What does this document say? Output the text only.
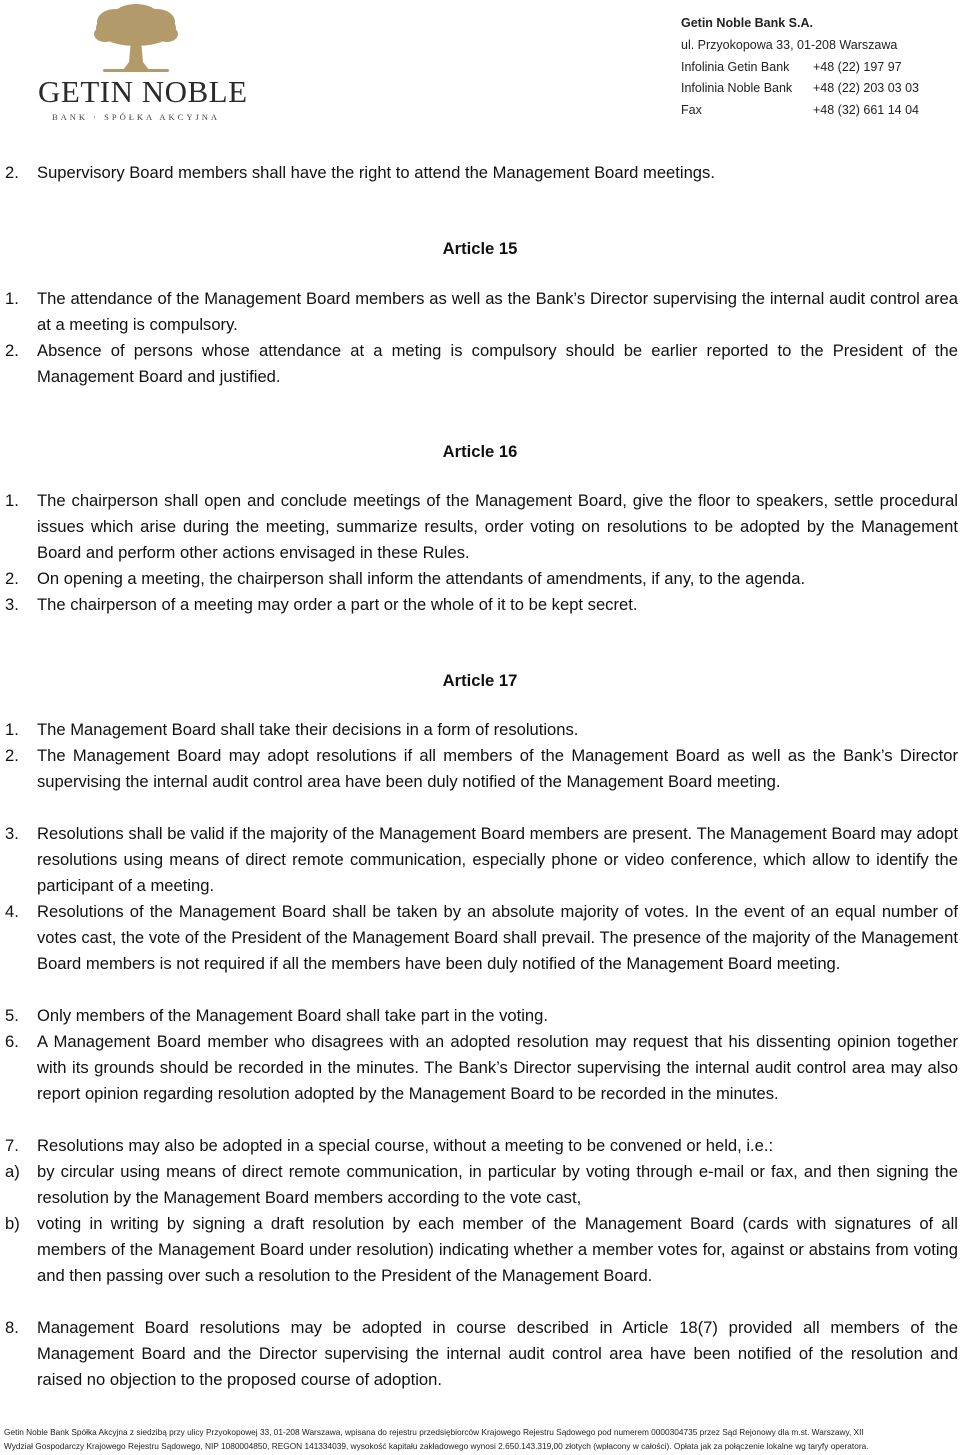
GETIN NOBLE
BANK · SPÓŁKA AKCYJNA
Getin Noble Bank S.A.
ul. Przyokopowa 33, 01-208 Warszawa
Infolinia Getin Bank +48 (22) 197 97
Infolinia Noble Bank +48 (22) 203 03 03
Fax	+48 (32) 661 14 04
2. Supervisory Board members shall have the right to attend the Management Board meetings.
Article 15
1. The attendance of the Management Board members as well as the Bank’s Director supervising the internal audit control area at a meeting is compulsory.
2. Absence of persons whose attendance at a meting is compulsory should be earlier reported to the President of the Management Board and justified.
Article 16
1. The chairperson shall open and conclude meetings of the Management Board, give the floor to speakers, settle procedural issues which arise during the meeting, summarize results, order voting on resolutions to be adopted by the Management Board and perform other actions envisaged in these Rules.
2. On opening a meeting, the chairperson shall inform the attendants of amendments, if any, to the agenda.
3. The chairperson of a meeting may order a part or the whole of it to be kept secret.
Article 17
1. The Management Board shall take their decisions in a form of resolutions.
2. The Management Board may adopt resolutions if all members of the Management Board as well as the Bank’s Director supervising the internal audit control area have been duly notified of the Management Board meeting.
3. Resolutions shall be valid if the majority of the Management Board members are present. The Management Board may adopt resolutions using means of direct remote communication, especially phone or video conference, which allow to identify the participant of a meeting.
4. Resolutions of the Management Board shall be taken by an absolute majority of votes. In the event of an equal number of votes cast, the vote of the President of the Management Board shall prevail. The presence of the majority of the Management Board members is not required if all the members have been duly notified of the Management Board meeting.
5. Only members of the Management Board shall take part in the voting.
6. A Management Board member who disagrees with an adopted resolution may request that his dissenting opinion together with its grounds should be recorded in the minutes. The Bank’s Director supervising the internal audit control area may also report opinion regarding resolution adopted by the Management Board to be recorded in the minutes.
7. Resolutions may also be adopted in a special course, without a meeting to be convened or held, i.e.:
a) by circular using means of direct remote communication, in particular by voting through e-mail or fax, and then signing the resolution by the Management Board members according to the vote cast,
b) voting in writing by signing a draft resolution by each member of the Management Board (cards with signatures of all members of the Management Board under resolution) indicating whether a member votes for, against or abstains from voting and then passing over such a resolution to the President of the Management Board.
8. Management Board resolutions may be adopted in course described in Article 18(7) provided all members of the Management Board and the Director supervising the internal audit control area have been notified of the resolution and raised no objection to the proposed course of adoption.
Getin Noble Bank Spółka Akcyjna z siedzibą przy ulicy Przyokopowej 33, 01-208 Warszawa, wpisana do rejestru przedsiębiorców Krajowego Rejestru Sądowego pod numerem 0000304735 przez Sąd Rejonowy dla m.st. Warszawy, XII
Wydział Gospodarczy Krajowego Rejestru Sądowego, NIP 1080004850, REGON 141334039, wysokość kapitału zakładowego wynosi 2.650.143.319,00 złotych (wpłacony w całości). Opłata jak za połączenie lokalne wg taryfy operatora.
